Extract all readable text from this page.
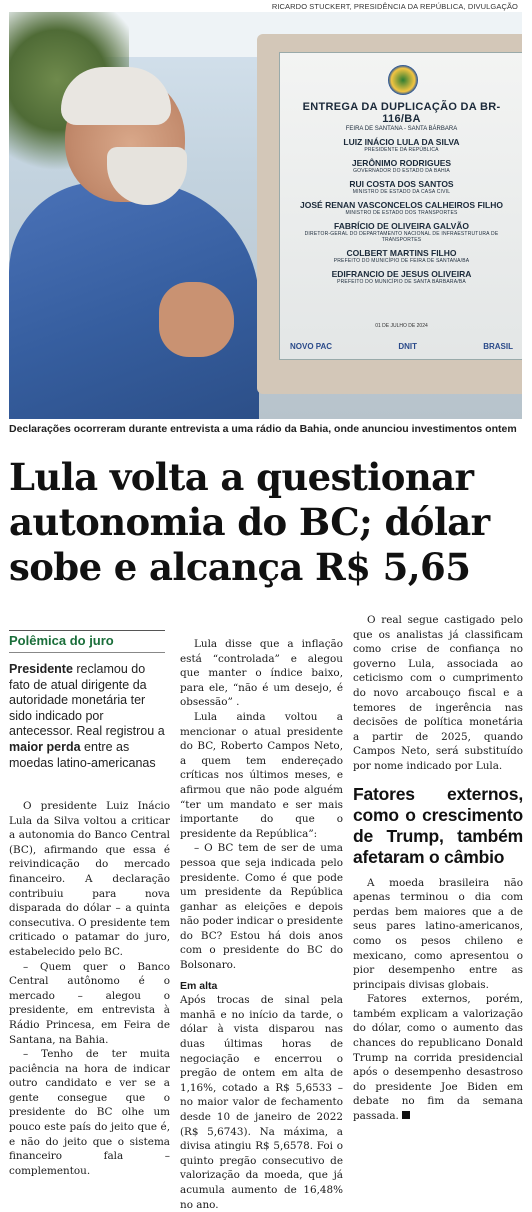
RICARDO STUCKERT, PRESIDÊNCIA DA REPÚBLICA, DIVULGAÇÃO
ENTREGA DA DUPLICAÇÃO DA BR-116/BA
FEIRA DE SANTANA - SANTA BÁRBARA
LUIZ INÁCIO LULA DA SILVA
PRESIDENTE DA REPÚBLICA
JERÔNIMO RODRIGUES
GOVERNADOR DO ESTADO DA BAHIA
RUI COSTA DOS SANTOS
MINISTRO DE ESTADO DA CASA CIVIL
JOSÉ RENAN VASCONCELOS CALHEIROS FILHO
MINISTRO DE ESTADO DOS TRANSPORTES
FABRÍCIO DE OLIVEIRA GALVÃO
DIRETOR-GERAL DO DEPARTAMENTO NACIONAL DE INFRAESTRUTURA DE TRANSPORTES
COLBERT MARTINS FILHO
PREFEITO DO MUNICÍPIO DE FEIRA DE SANTANA/BA
EDIFRANCIO DE JESUS OLIVEIRA
PREFEITO DO MUNICÍPIO DE SANTA BÁRBARA/BA
01 DE JULHO DE 2024
NOVO PAC	DNIT	BRASIL
Declarações ocorreram durante entrevista a uma rádio da Bahia, onde anunciou investimentos ontem
Lula volta a questionar autonomia do BC; dólar sobe e alcança R$ 5,65
Polêmica do juro
Presidente reclamou do fato de atual dirigente da autoridade monetária ter sido indicado por antecessor. Real registrou a maior perda entre as moedas latino-americanas

O presidente Luiz Inácio Lula da Silva voltou a criticar a autonomia do Banco Central (BC), afirmando que essa é reivindicação do mercado financeiro. A declaração contribuiu para nova disparada do dólar – a quinta consecutiva. O presidente tem criticado o patamar do juro, estabelecido pelo BC.

– Quem quer o Banco Central autônomo é o mercado – alegou o presidente, em entrevista à Rádio Princesa, em Feira de Santana, na Bahia.

– Tenho de ter muita paciência na hora de indicar outro candidato e ver se a gente consegue que o presidente do BC olhe um pouco este país do jeito que é, e não do jeito que o sistema financeiro fala – complementou.

Lula disse que a inflação está “controlada” e alegou que manter o índice baixo, para ele, “não é um desejo, é obsessão” .

Lula ainda voltou a mencionar o atual presidente do BC, Roberto Campos Neto, a quem tem endereçado críticas nos últimos meses, e afirmou que não pode alguém “ter um mandato e ser mais importante do que o presidente da República”:

– O BC tem de ser de uma pessoa que seja indicada pelo presidente. Como é que pode um presidente da República ganhar as eleições e depois não poder indicar o presidente do BC? Estou há dois anos com o presidente do BC do Bolsonaro.

Em alta

Após trocas de sinal pela manhã e no início da tarde, o dólar à vista disparou nas duas últimas horas de negociação e encerrou o pregão de ontem em alta de 1,16%, cotado a R$ 5,6533 – no maior valor de fechamento desde 10 de janeiro de 2022 (R$ 5,6743). Na máxima, a divisa atingiu R$ 5,6578. Foi o quinto pregão consecutivo de valorização da moeda, que já acumula aumento de 16,48% no ano.

O real segue castigado pelo que os analistas já classificam como crise de confiança no governo Lula, associada ao ceticismo com o cumprimento do novo arcabouço fiscal e a temores de ingerência nas decisões de política monetária a partir de 2025, quando Campos Neto, será substituído por nome indicado por Lula.

Fatores externos, como o crescimento de Trump, também afetaram o câmbio

A moeda brasileira não apenas terminou o dia com perdas bem maiores que a de seus pares latino-americanos, como os pesos chileno e mexicano, como apresentou o pior desempenho entre as principais divisas globais.

Fatores externos, porém, também explicam a valorização do dólar, como o aumento das chances do republicano Donald Trump na corrida presidencial após o desempenho desastroso do presidente Joe Biden em debate no fim da semana passada.
